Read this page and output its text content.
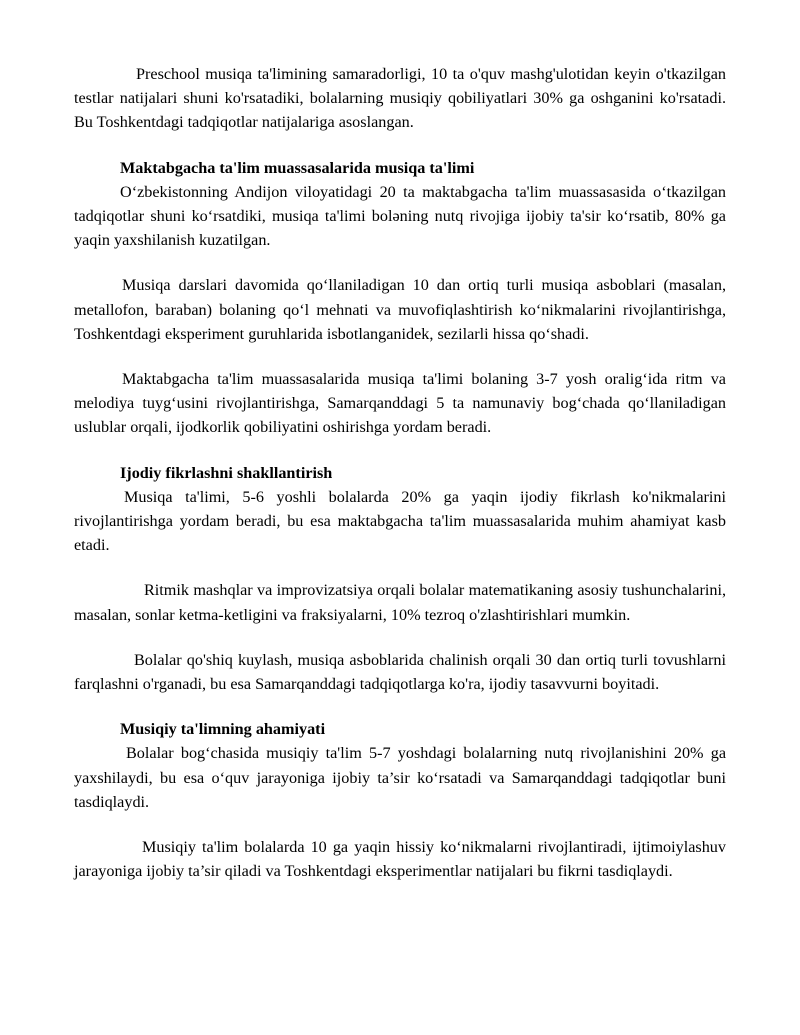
Preschool musiqa ta'limining samaradorligi, 10 ta o'quv mashg'ulotidan keyin o'tkazilgan testlar natijalari shuni ko'rsatadiki, bolalarning musiqiy qobiliyatlari 30% ga oshganini ko'rsatadi. Bu Toshkentdagi tadqiqotlar natijalariga asoslangan.

Maktabgacha ta'lim muassasalarida musiqa ta'limi

O‘zbekistonning Andijon viloyatidagi 20 ta maktabgacha ta'lim muassasasida o‘tkazilgan tadqiqotlar shuni ko‘rsatdiki, musiqa ta'limi boləning nutq rivojiga ijobiy ta'sir ko‘rsatib, 80% ga yaqin yaxshilanish kuzatilgan.

Musiqa darslari davomida qo‘llaniladigan 10 dan ortiq turli musiqa asboblari (masalan, metallofon, baraban) bolaning qo‘l mehnati va muvofiqlashtirish ko‘nikmalarini rivojlantirishga, Toshkentdagi eksperiment guruhlarida isbotlanganidek, sezilarli hissa qo‘shadi.

Maktabgacha ta'lim muassasalarida musiqa ta'limi bolaning 3-7 yosh oralig‘ida ritm va melodiya tuyg‘usini rivojlantirishga, Samarqanddagi 5 ta namunaviy bog‘chada qo‘llaniladigan uslublar orqali, ijodkorlik qobiliyatini oshirishga yordam beradi.

Ijodiy fikrlashni shakllantirish

Musiqa ta'limi, 5-6 yoshli bolalarda 20% ga yaqin ijodiy fikrlash ko'nikmalarini rivojlantirishga yordam beradi, bu esa maktabgacha ta'lim muassasalarida muhim ahamiyat kasb etadi.

Ritmik mashqlar va improvizatsiya orqali bolalar matematikaning asosiy tushunchalarini, masalan, sonlar ketma-ketligini va fraksiyalarni, 10% tezroq o'zlashtirishlari mumkin.

Bolalar qo'shiq kuylash, musiqa asboblarida chalinish orqali 30 dan ortiq turli tovushlarni farqlashni o'rganadi, bu esa Samarqanddagi tadqiqotlarga ko'ra, ijodiy tasavvurni boyitadi.

Musiqiy ta'limning ahamiyati

Bolalar bog‘chasida musiqiy ta'lim 5-7 yoshdagi bolalarning nutq rivojlanishini 20% ga yaxshilaydi, bu esa o‘quv jarayoniga ijobiy ta’sir ko‘rsatadi va Samarqanddagi tadqiqotlar buni tasdiqlaydi.

Musiqiy ta'lim bolalarda 10 ga yaqin hissiy ko‘nikmalarni rivojlantiradi, ijtimoiylashuv jarayoniga ijobiy ta’sir qiladi va Toshkentdagi eksperimentlar natijalari bu fikrni tasdiqlaydi.
